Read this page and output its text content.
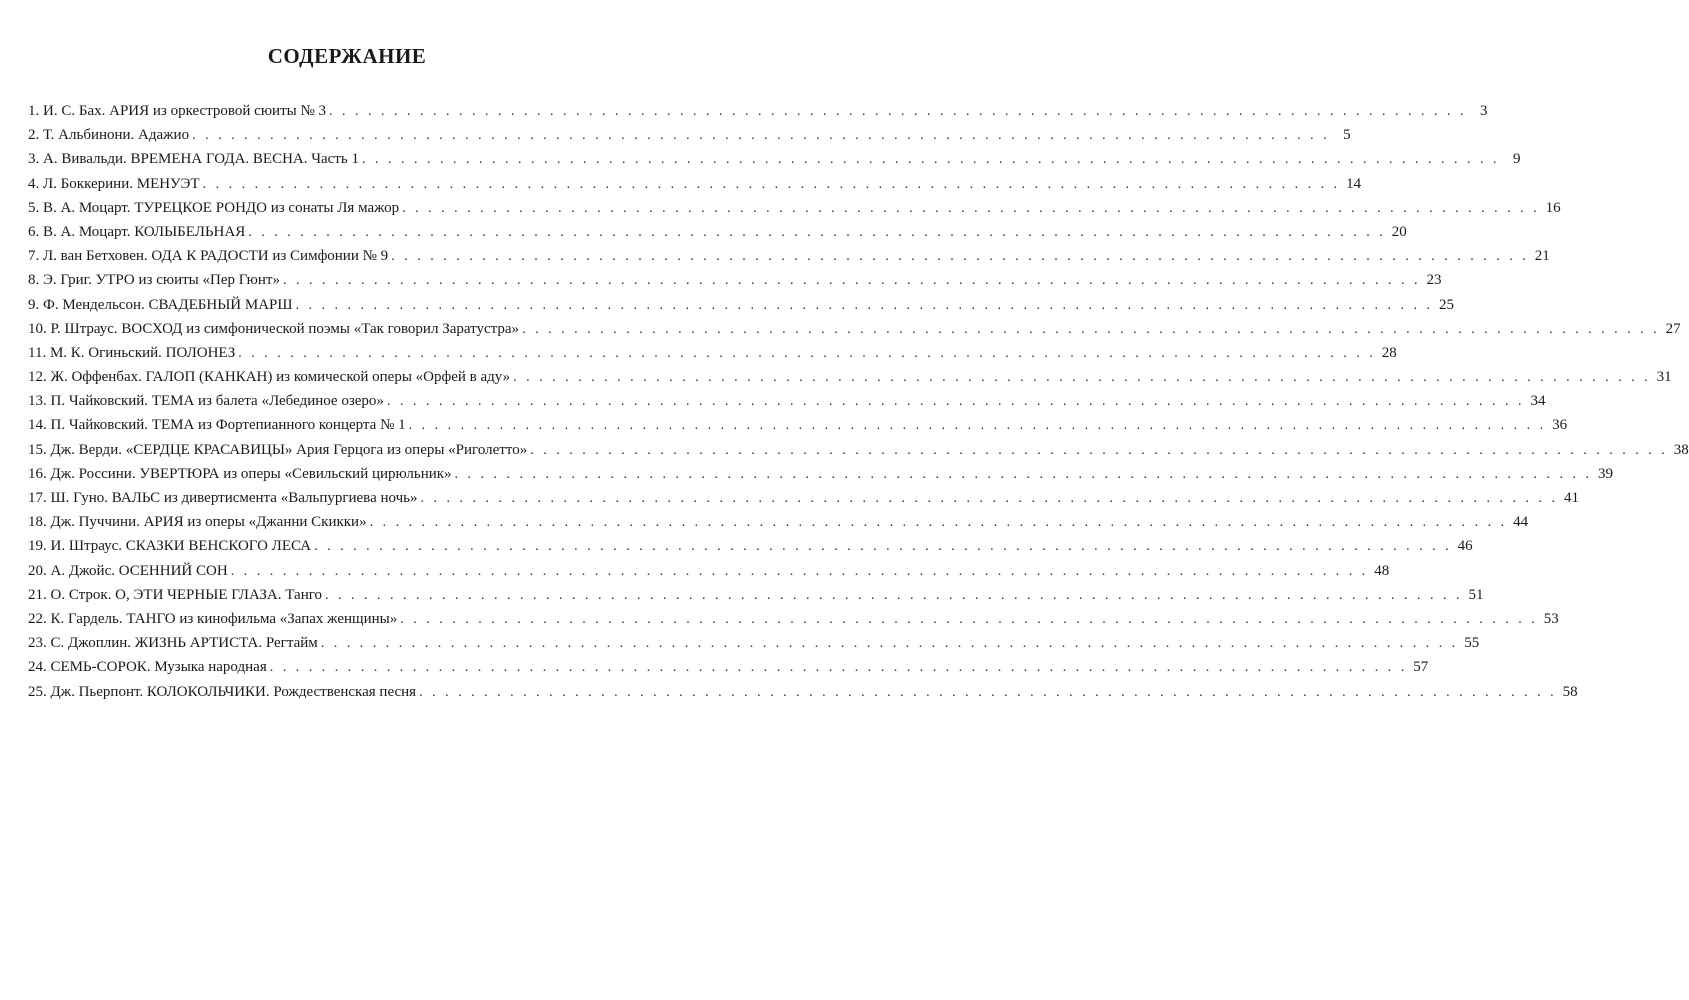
СОДЕРЖАНИЕ
1. И. С. Бах. АРИЯ из оркестровой сюиты № 3 . . .	3
2. Т. Альбинони. Адажио . . .	5
3. А. Вивальди. ВРЕМЕНА ГОДА. ВЕСНА. Часть 1 . . .	9
4. Л. Боккерини. МЕНУЭТ . . .	14
5. В. А. Моцарт. ТУРЕЦКОЕ РОНДО из сонаты Ля мажор . . .	16
6. В. А. Моцарт. КОЛЫБЕЛЬНАЯ . . .	20
7. Л. ван Бетховен. ОДА К РАДОСТИ из Симфонии № 9 . . .	21
8. Э. Григ. УТРО из сюиты «Пер Гюнт» . . .	23
9. Ф. Мендельсон. СВАДЕБНЫЙ МАРШ . . .	25
10. Р. Штраус. ВОСХОД из симфонической поэмы «Так говорил Заратустра» . . .	27
11. М. К. Огиньский. ПОЛОНЕЗ . . .	28
12. Ж. Оффенбах. ГАЛОП (КАНКАН) из комической оперы «Орфей в аду» . . .	31
13. П. Чайковский. ТЕМА из балета «Лебединое озеро» . . .	34
14. П. Чайковский. ТЕМА из Фортепианного концерта № 1 . . .	36
15. Дж. Верди. «СЕРДЦЕ КРАСАВИЦЫ» Ария Герцога из оперы «Риголетто» . . .	38
16. Дж. Россини. УВЕРТЮРА из оперы «Севильский цирюльник» . . .	39
17. Ш. Гуно. ВАЛЬС из дивертисмента «Вальпургиева ночь» . . .	41
18. Дж. Пуччини. АРИЯ из оперы «Джанни Скикки» . . .	44
19. И. Штраус. СКАЗКИ ВЕНСКОГО ЛЕСА . . .	46
20. А. Джойс. ОСЕННИЙ СОН . . .	48
21. О. Строк. О, ЭТИ ЧЕРНЫЕ ГЛАЗА. Танго . . .	51
22. К. Гардель. ТАНГО из кинофильма «Запах женщины» . . .	53
23. С. Джоплин. ЖИЗНЬ АРТИСТА. Регтайм . . .	55
24. СЕМЬ-СОРОК. Музыка народная . . .	57
25. Дж. Пьерпонт. КОЛОКОЛЬЧИКИ. Рождественская песня . . .	58
